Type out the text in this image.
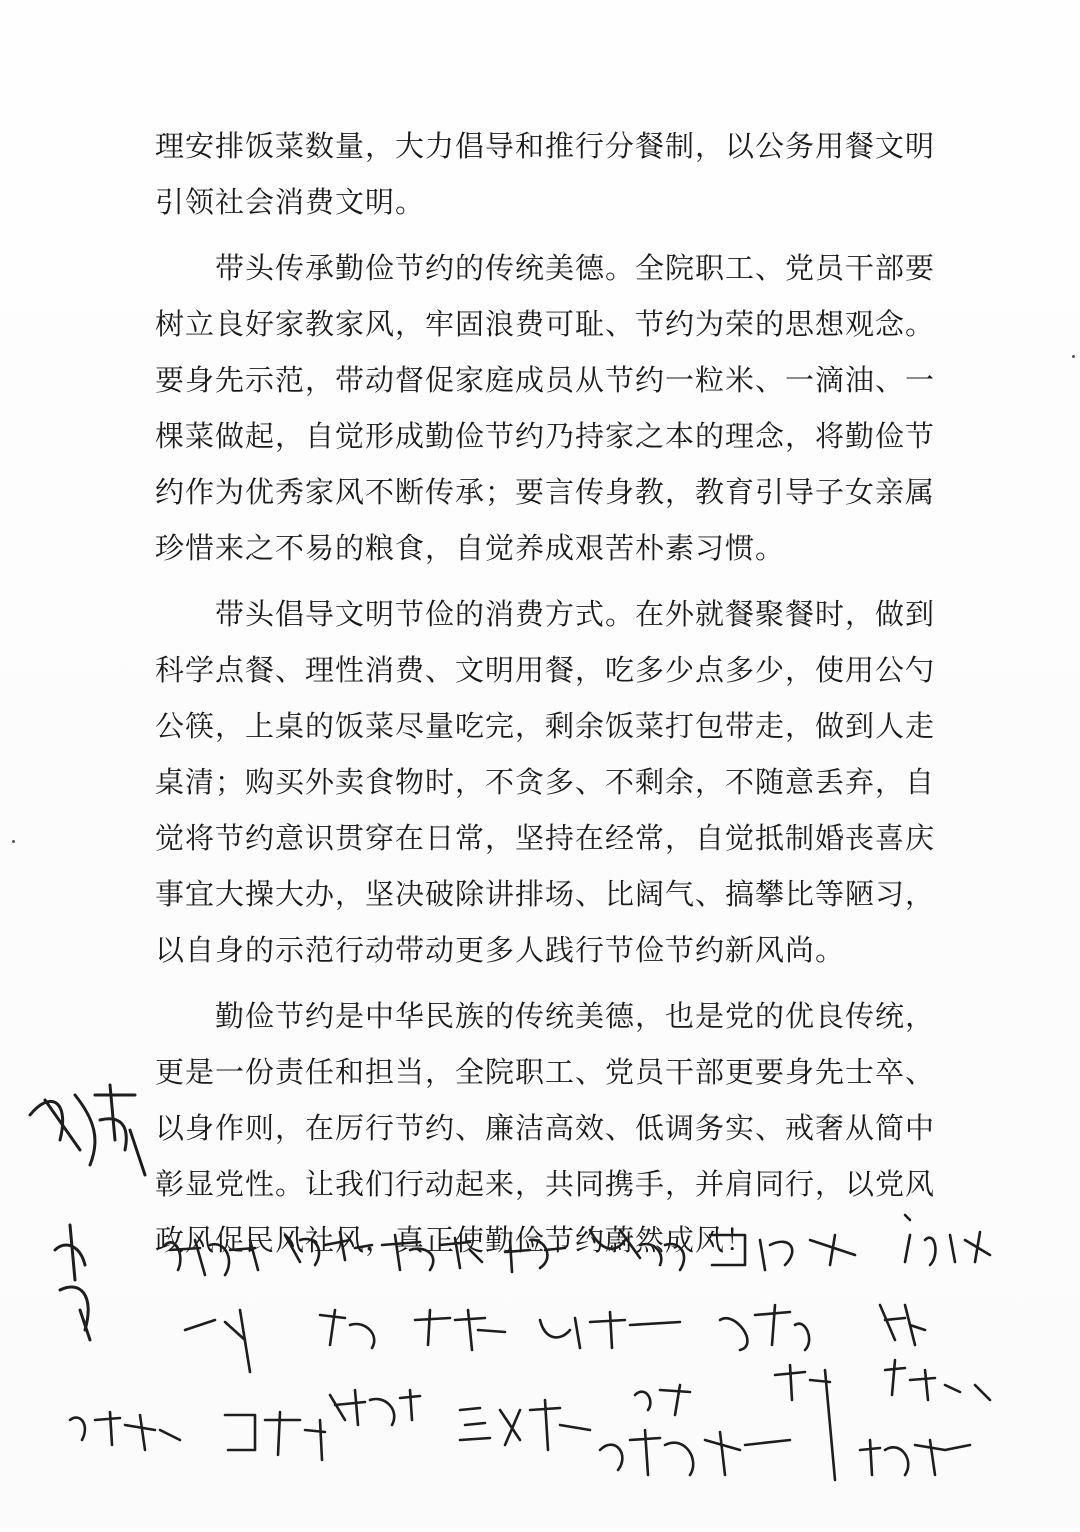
理安排饭菜数量，大力倡导和推行分餐制，以公务用餐文明
引领社会消费文明。
　　带头传承勤俭节约的传统美德。全院职工、党员干部要
树立良好家教家风，牢固浪费可耻、节约为荣的思想观念。
要身先示范，带动督促家庭成员从节约一粒米、一滴油、一
棵菜做起，自觉形成勤俭节约乃持家之本的理念，将勤俭节
约作为优秀家风不断传承；要言传身教，教育引导子女亲属
珍惜来之不易的粮食，自觉养成艰苦朴素习惯。
　　带头倡导文明节俭的消费方式。在外就餐聚餐时，做到
科学点餐、理性消费、文明用餐，吃多少点多少，使用公勺
公筷，上桌的饭菜尽量吃完，剩余饭菜打包带走，做到人走
桌清；购买外卖食物时，不贪多、不剩余，不随意丢弃，自
觉将节约意识贯穿在日常，坚持在经常，自觉抵制婚丧喜庆
事宜大操大办，坚决破除讲排场、比阔气、搞攀比等陋习，
以自身的示范行动带动更多人践行节俭节约新风尚。
　　勤俭节约是中华民族的传统美德，也是党的优良传统，
更是一份责任和担当，全院职工、党员干部更要身先士卒、
以身作则，在厉行节约、廉洁高效、低调务实、戒奢从简中
彰显党性。让我们行动起来，共同携手，并肩同行，以党风
政风促民风社风，真正使勤俭节约蔚然成风！
